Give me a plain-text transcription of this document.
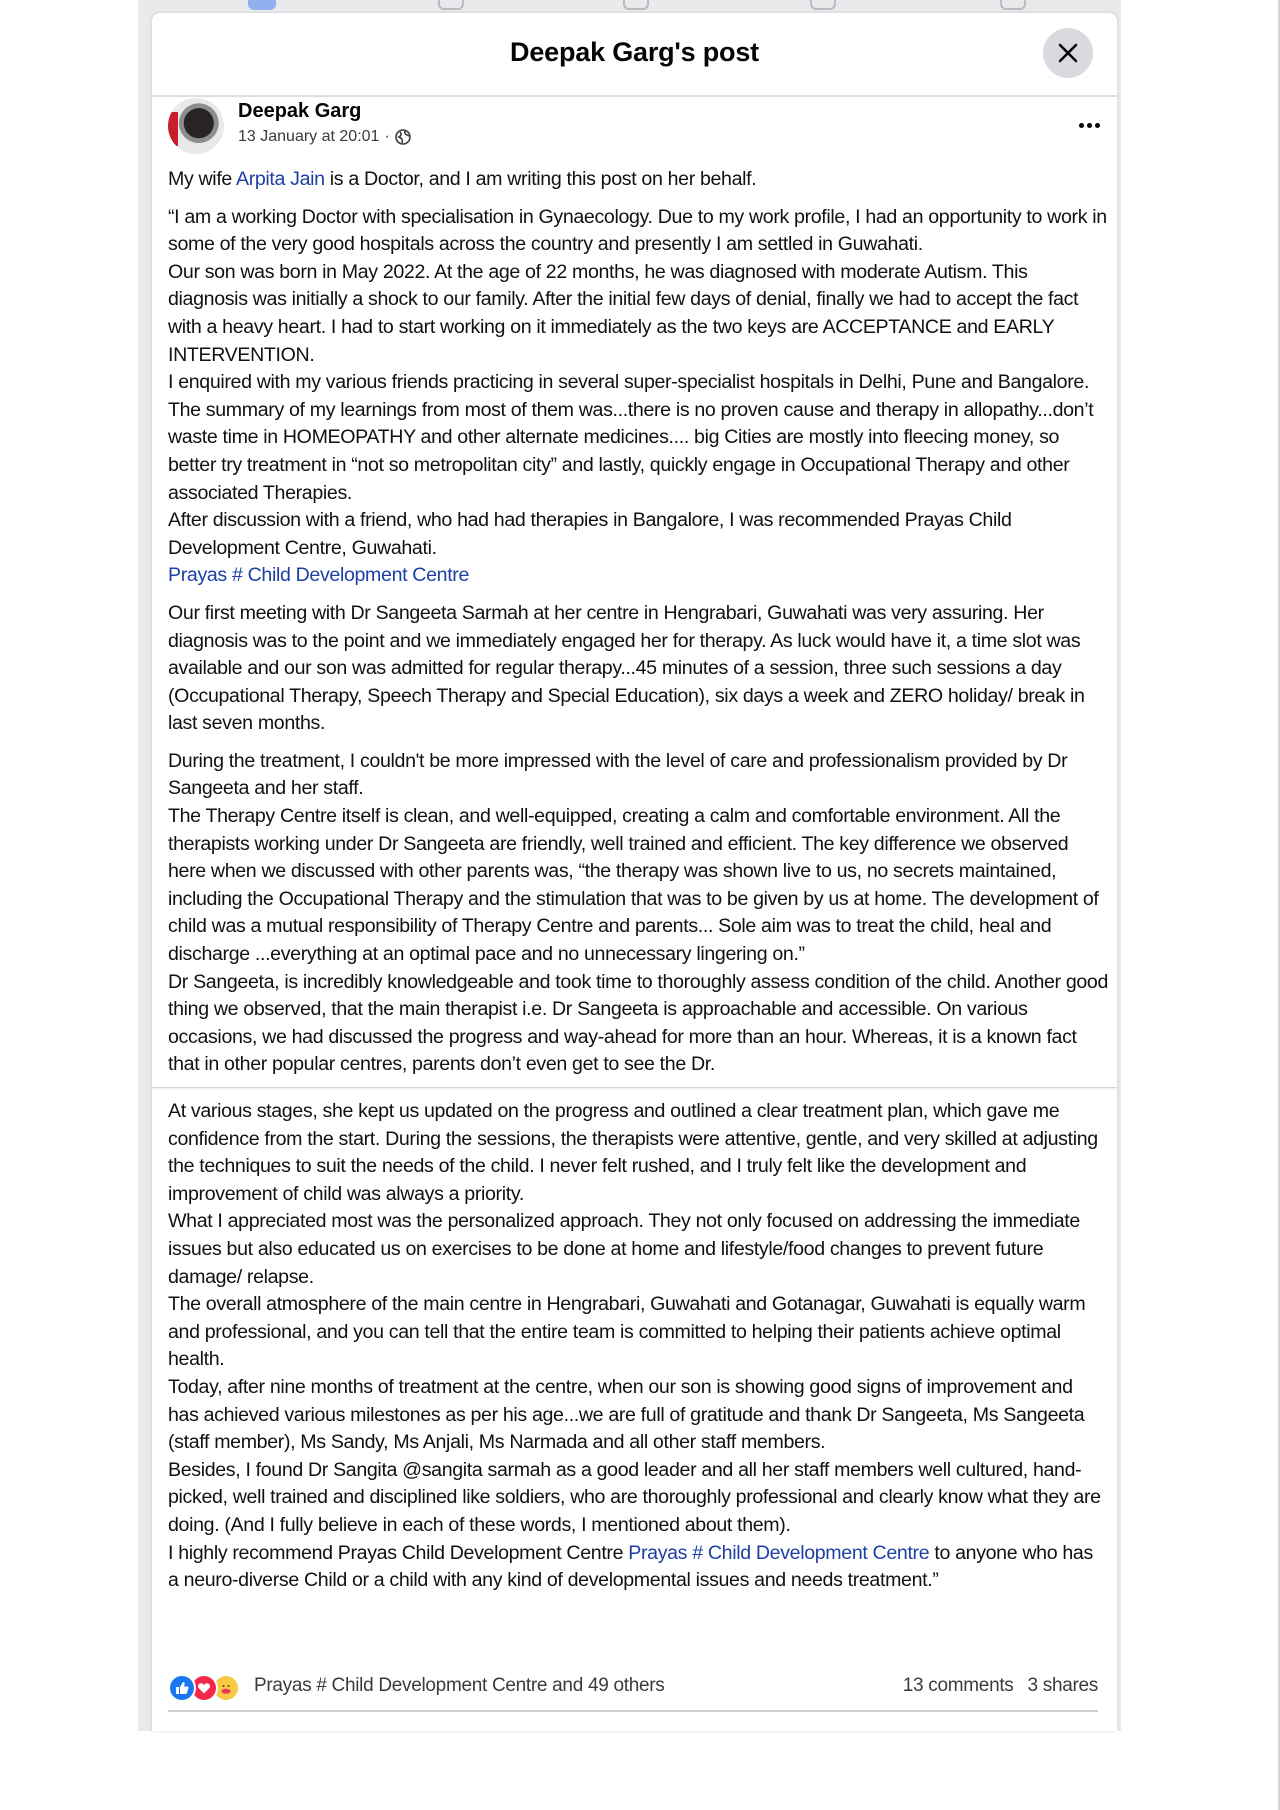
Deepak Garg's post
Deepak Garg
13 January at 20:01 ·

My wife Arpita Jain is a Doctor, and I am writing this post on her behalf.

“I am a working Doctor with specialisation in Gynaecology. Due to my work profile, I had an opportunity to work in some of the very good hospitals across the country and presently I am settled in Guwahati.

Our son was born in May 2022. At the age of 22 months, he was diagnosed with moderate Autism. This diagnosis was initially a shock to our family. After the initial few days of denial, finally we had to accept the fact with a heavy heart. I had to start working on it immediately as the two keys are ACCEPTANCE and EARLY INTERVENTION.

I enquired with my various friends practicing in several super-specialist hospitals in Delhi, Pune and Bangalore. The summary of my learnings from most of them was...there is no proven cause and therapy in allopathy...don’t waste time in HOMEOPATHY and other alternate medicines.... big Cities are mostly into fleecing money, so better try treatment in “not so metropolitan city” and lastly, quickly engage in Occupational Therapy and other associated Therapies.

After discussion with a friend, who had had therapies in Bangalore, I was recommended Prayas Child Development Centre, Guwahati.

Prayas # Child Development Centre

Our first meeting with Dr Sangeeta Sarmah at her centre in Hengrabari, Guwahati was very assuring. Her diagnosis was to the point and we immediately engaged her for therapy. As luck would have it, a time slot was available and our son was admitted for regular therapy...45 minutes of a session, three such sessions a day (Occupational Therapy, Speech Therapy and Special Education), six days a week and ZERO holiday/ break in last seven months.

During the treatment, I couldn't be more impressed with the level of care and professionalism provided by Dr Sangeeta and her staff.

The Therapy Centre itself is clean, and well-equipped, creating a calm and comfortable environment. All the therapists working under Dr Sangeeta are friendly, well trained and efficient. The key difference we observed here when we discussed with other parents was, “the therapy was shown live to us, no secrets maintained, including the Occupational Therapy and the stimulation that was to be given by us at home. The development of child was a mutual responsibility of Therapy Centre and parents... Sole aim was to treat the child, heal and discharge ...everything at an optimal pace and no unnecessary lingering on.”

Dr Sangeeta, is incredibly knowledgeable and took time to thoroughly assess condition of the child. Another good thing we observed, that the main therapist i.e. Dr Sangeeta is approachable and accessible. On various occasions, we had discussed the progress and way-ahead for more than an hour. Whereas, it is a known fact that in other popular centres, parents don’t even get to see the Dr.

At various stages, she kept us updated on the progress and outlined a clear treatment plan, which gave me confidence from the start. During the sessions, the therapists were attentive, gentle, and very skilled at adjusting the techniques to suit the needs of the child. I never felt rushed, and I truly felt like the development and improvement of child was always a priority.

What I appreciated most was the personalized approach. They not only focused on addressing the immediate issues but also educated us on exercises to be done at home and lifestyle/food changes to prevent future damage/ relapse.

The overall atmosphere of the main centre in Hengrabari, Guwahati and Gotanagar, Guwahati is equally warm and professional, and you can tell that the entire team is committed to helping their patients achieve optimal health.

Today, after nine months of treatment at the centre, when our son is showing good signs of improvement and has achieved various milestones as per his age...we are full of gratitude and thank Dr Sangeeta, Ms Sangeeta (staff member), Ms Sandy, Ms Anjali, Ms Narmada and all other staff members.

Besides, I found Dr Sangita @sangita sarmah as a good leader and all her staff members well cultured, hand-picked, well trained and disciplined like soldiers, who are thoroughly professional and clearly know what they are doing. (And I fully believe in each of these words, I mentioned about them).

I highly recommend Prayas Child Development Centre Prayas # Child Development Centre to anyone who has a neuro-diverse Child or a child with any kind of developmental issues and needs treatment.”

Prayas # Child Development Centre and 49 others	13 comments 3 shares
